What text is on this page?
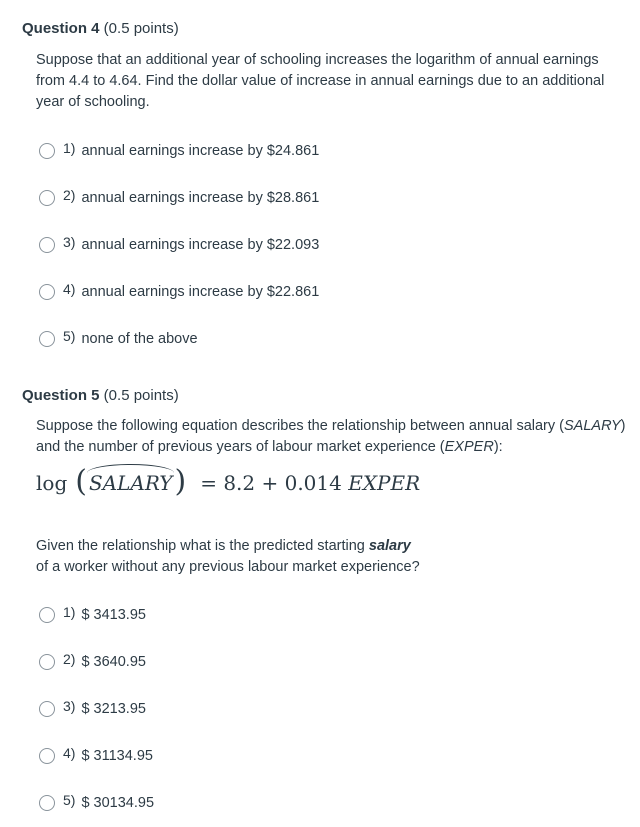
Question 4 (0.5 points)
Suppose that an additional year of schooling increases the logarithm of annual earnings from 4.4 to 4.64. Find the dollar value of increase in annual earnings due to an additional year of schooling.
1) annual earnings increase by $24.861
2) annual earnings increase by $28.861
3) annual earnings increase by $22.093
4) annual earnings increase by $22.861
5) none of the above
Question 5 (0.5 points)
Suppose the following equation describes the relationship between annual salary (SALARY) and the number of previous years of labour market experience (EXPER):
log ( SALARY ) = 8.2 + 0.014 EXPER
Given the relationship what is the predicted starting salary
of a worker without any previous labour market experience?
1) $ 3413.95
2) $ 3640.95
3) $ 3213.95
4) $ 31134.95
5) $ 30134.95
